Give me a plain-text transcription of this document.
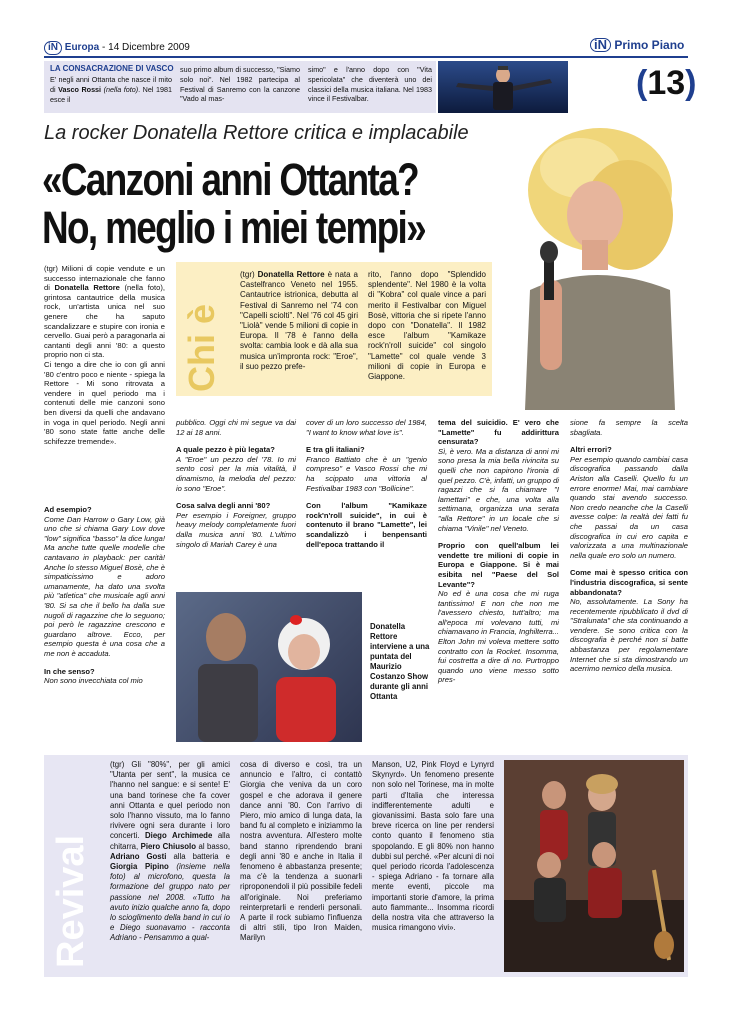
iN Europa - 14 Dicembre 2009	iN Primo Piano
LA CONSACRAZIONE DI VASCO
E' negli anni Ottanta che nasce il mito di Vasco Rossi (nella foto). Nel 1981 esce il
suo primo album di successo, "Siamo solo noi". Nel 1982 partecipa al Festival di Sanremo con la canzone "Vado al mas-
simo" e l'anno dopo con "Vita spericolata" che diventerà uno dei classici della musica italiana. Nel 1983 vince il Festivalbar.	(13)
La rocker Donatella Rettore critica e implacabile
«Canzoni anni Ottanta?
No, meglio i miei tempi»

(tgr) Milioni di copie vendute e un successo internazionale che fanno di Donatella Rettore (nella foto), grintosa cantautrice della musica rock, un'artista unica nel suo genere che ha saputo scandalizzare e stupire con ironia e cervello. Guai però a paragonarla ai cantanti degli anni '80: a questo proprio non ci sta.

Ci tengo a dire che io con gli anni '80 c'entro poco e niente - spiega la Rettore - Mi sono ritrovata a vendere in quel periodo ma i contenuti delle mie canzoni sono ben diversi da quelli che andavano in voga in quel periodo. Negli anni '80 sono state fatte anche delle schifezze tremende».

Chi è
(tgr) Donatella Rettore è nata a Castelfranco Veneto nel 1955. Cantautrice istrionica, debutta al Festival di Sanremo nel '74 con "Capelli sciolti". Nel '76 col 45 giri "Liolà" vende 5 milioni di copie in Europa. Il '78 è l'anno della svolta: cambia look e dà alla sua musica un'impronta rock: "Eroe", il suo pezzo prefe-
rito, l'anno dopo "Splendido splendente". Nel 1980 è la volta di "Kobra" col quale vince a pari merito il Festivalbar con Miguel Bosè, vittoria che si ripete l'anno dopo con "Donatella". Il 1982 esce l'album "Kamikaze rock'n'roll suicide" col singolo "Lamette" col quale vende 3 milioni di copie in Europa e Giappone.

Ad esempio?

Come Dan Harrow o Gary Low, già uno che si chiama Gary Low dove "low" significa "basso" la dice lunga! Ma anche tutte quelle modelle che cantavano in playback: per carità! Anche lo stesso Miguel Bosè, che è simpaticissimo e adoro umanamente, ha dato una svolta più "atletica" che musicale agli anni '80. Si sa che il bello ha dalla sue nugoli di ragazzine che lo seguono; poi però le ragazzine crescono e guardano altrove. Ecco, per esempio questa è una cosa che a me non è accaduta.

In che senso?

Non sono invecchiata col mio

pubblico. Oggi chi mi segue va dai 12 ai 18 anni.

A quale pezzo è più legata?

A "Eroe" un pezzo del '78. Io mi sento così per la mia vitalità, il dinamismo, la melodia del pezzo: io sono "Eroe".

Cosa salva degli anni '80?

Per esempio i Foreigner, gruppo heavy melody completamente fuori dalla musica anni '80. L'ultimo singolo di Mariah Carey è una

cover di un loro successo del 1984, "I want to know what love is".

E tra gli italiani?

Franco Battiato che è un "genio compreso" e Vasco Rossi che mi ha scippato una vittoria al Festivalbar 1983 con "Bollicine".

Con l'album "Kamikaze rock'n'roll suicide", in cui è contenuto il brano "Lamette", lei scandalizzò i benpensanti dell'epoca trattando il

tema del suicidio. E' vero che "Lamette" fu addirittura censurata?

Sì, è vero. Ma a distanza di anni mi sono presa la mia bella rivincita su quelli che non capirono l'ironia di quel pezzo. C'è, infatti, un gruppo di ragazzi che si fa chiamare "I lamettari" e che, una volta alla settimana, organizza una serata "alla Rettore" in un locale che si chiama "Vinile" nel Veneto.

Proprio con quell'album lei vendette tre milioni di copie in Europa e Giappone. Si è mai esibita nel "Paese del Sol Levante"?

No ed è una cosa che mi ruga tantissimo! E non che non me l'avessero chiesto, tutt'altro; ma all'epoca mi volevano tutti, mi chiamavano in Francia, Inghilterra... Elton John mi voleva mettere sotto contratto con la Rocket. Insomma, fui costretta a dire di no. Purtroppo quando uno viene messo sotto pres-

sione fa sempre la scelta sbagliata.

Altri errori?

Per esempio quando cambiai casa discografica passando dalla Ariston alla Caselli. Quello fu un errore enorme! Mai, mai cambiare quando stai avendo successo. Non credo neanche che la Caselli avesse colpe: la realtà dei fatti fu che passai da un casa discografica in cui ero capita e valorizzata a una multinazionale nella quale ero solo un numero.

Come mai è spesso critica con l'industria discografica, si sente abbandonata?

No, assolutamente. La Sony ha recentemente ripubblicato il dvd di "Stralunata" che sta continuando a vendere. Se sono critica con la discografia è perché non si batte abbastanza per regolamentare Internet che si sta dimostrando un acerrimo nemico della musica.

Donatella Rettore interviene a una puntata del Maurizio Costanzo Show durante gli anni Ottanta
Revival
(tgr) Gli "80%", per gli amici "Utanta per sent", la musica ce l'hanno nel sangue: e si sente! E' una band torinese che fa cover anni Ottanta e quel periodo non solo l'hanno vissuto, ma lo fanno rivivere ogni sera durante i loro concerti. Diego Archimede alla chitarra, Piero Chiusolo al basso, Adriano Gosti alla batteria e Giorgia Pipino (insieme nella foto) al microfono, questa la formazione del gruppo nato per passione nel 2008. «Tutto ha avuto inizio qualche anno fa, dopo lo scioglimento della band in cui io e Diego suonavamo - racconta Adriano - Pensammo a qual-
cosa di diverso e così, tra un annuncio e l'altro, ci contattò Giorgia che veniva da un coro gospel e che adorava il genere dance anni '80. Con l'arrivo di Piero, mio amico di lunga data, la band fu al completo e iniziammo la nostra avventura. All'estero molte band stanno riprendendo brani degli anni '80 e anche in Italia il fenomeno è abbastanza presente; ma c'è la tendenza a suonarli riproponendoli il più possibile fedeli all'originale. Noi preferiamo reinterpretarli e renderli personali. A parte il rock subiamo l'influenza di altri stili, tipo Iron Maiden, Marilyn
Manson, U2, Pink Floyd e Lynyrd Skynyrd». Un fenomeno presente non solo nel Torinese, ma in molte parti d'Italia che interessa indifferentemente adulti e giovanissimi. Basta solo fare una breve ricerca on line per rendersi conto quanto il fenomeno stia spopolando. E gli 80% non hanno dubbi sul perché. «Per alcuni di noi quel periodo ricorda l'adolescenza - spiega Adriano - fa tornare alla mente eventi, piccole ma importanti storie d'amore, la prima auto fiammante... Insomma ricordi della nostra vita che attraverso la musica rimangono vivi».
